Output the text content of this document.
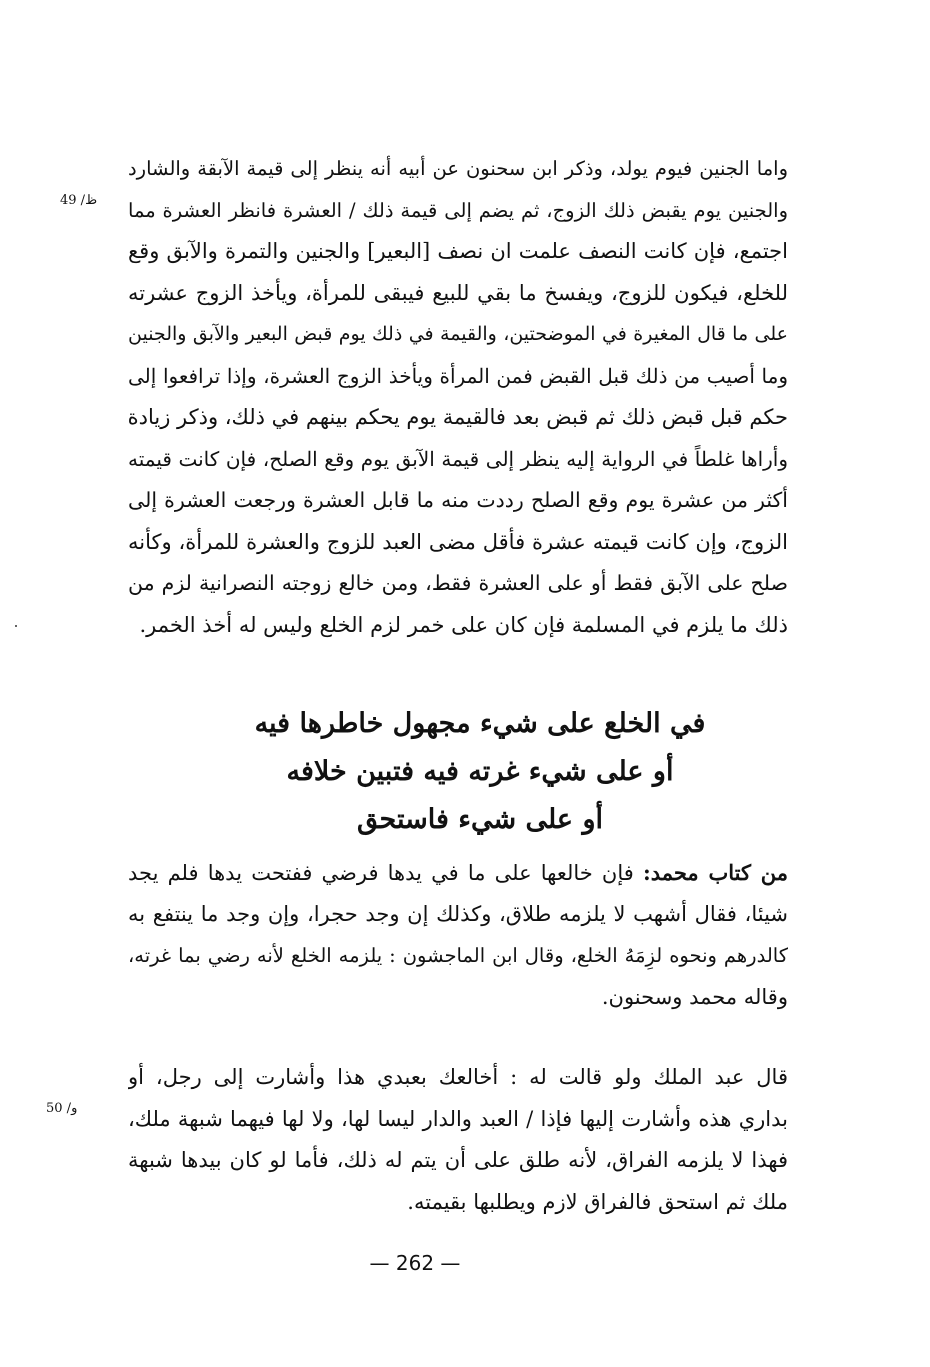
49 /ظ
50 /و
واما الجنين فيوم يولد، وذكر ابن سحنون عن أبيه أنه ينظر إلى قيمة الآبقة والشارد
والجنين يوم يقبض ذلك الزوج، ثم يضم إلى قيمة ذلك / العشرة فانظر العشرة مما
اجتمع، فإن كانت النصف علمت ان نصف [البعير] والجنين والتمرة والآبق وقع
للخلع، فيكون للزوج، ويفسخ ما بقي للبيع فيبقى للمرأة، ويأخذ الزوج عشرته
على ما قال المغيرة في الموضحتين، والقيمة في ذلك يوم قبض البعير والآبق والجنين
وما أصيب من ذلك قبل القبض فمن المرأة ويأخذ الزوج العشرة، وإذا ترافعوا إلى
حكم قبل قبض ذلك ثم قبض بعد فالقيمة يوم يحكم بينهم في ذلك، وذكر زيادة
وأراها غلطاً في الرواية إليه ينظر إلى قيمة الآبق يوم وقع الصلح، فإن كانت قيمته
أكثر من عشرة يوم وقع الصلح رددت منه ما قابل العشرة ورجعت العشرة إلى
الزوج، وإن كانت قيمته عشرة فأقل مضى العبد للزوج والعشرة للمرأة، وكأنه
صلح على الآبق فقط أو على العشرة فقط، ومن خالع زوجته النصرانية لزم من
ذلك ما يلزم في المسلمة فإن كان على خمر لزم الخلع وليس له أخذ الخمر.
في الخلع على شيء مجهول خاطرها فيه
أو على شيء غرته فيه فتبين خلافه
أو على شيء فاستحق
من كتاب محمد: فإن خالعها على ما في يدها فرضي ففتحت يدها فلم يجد
شيئا، فقال أشهب لا يلزمه طلاق، وكذلك إن وجد حجرا، وإن وجد ما ينتفع به
كالدرهم ونحوه لزِمَهُ الخلع، وقال ابن الماجشون : يلزمه الخلع لأنه رضي بما غرته،
وقاله محمد وسحنون.
قال عبد الملك ولو قالت له : أخالعك بعبدي هذا وأشارت إلى رجل، أو
بداري هذه وأشارت إليها فإذا / العبد والدار ليسا لها، ولا لها فيهما شبهة ملك،
فهذا لا يلزمه الفراق، لأنه طلق على أن يتم له ذلك، فأما لو كان بيدها شبهة
ملك ثم استحق فالفراق لازم ويطلبها بقيمته.
— 262 —
